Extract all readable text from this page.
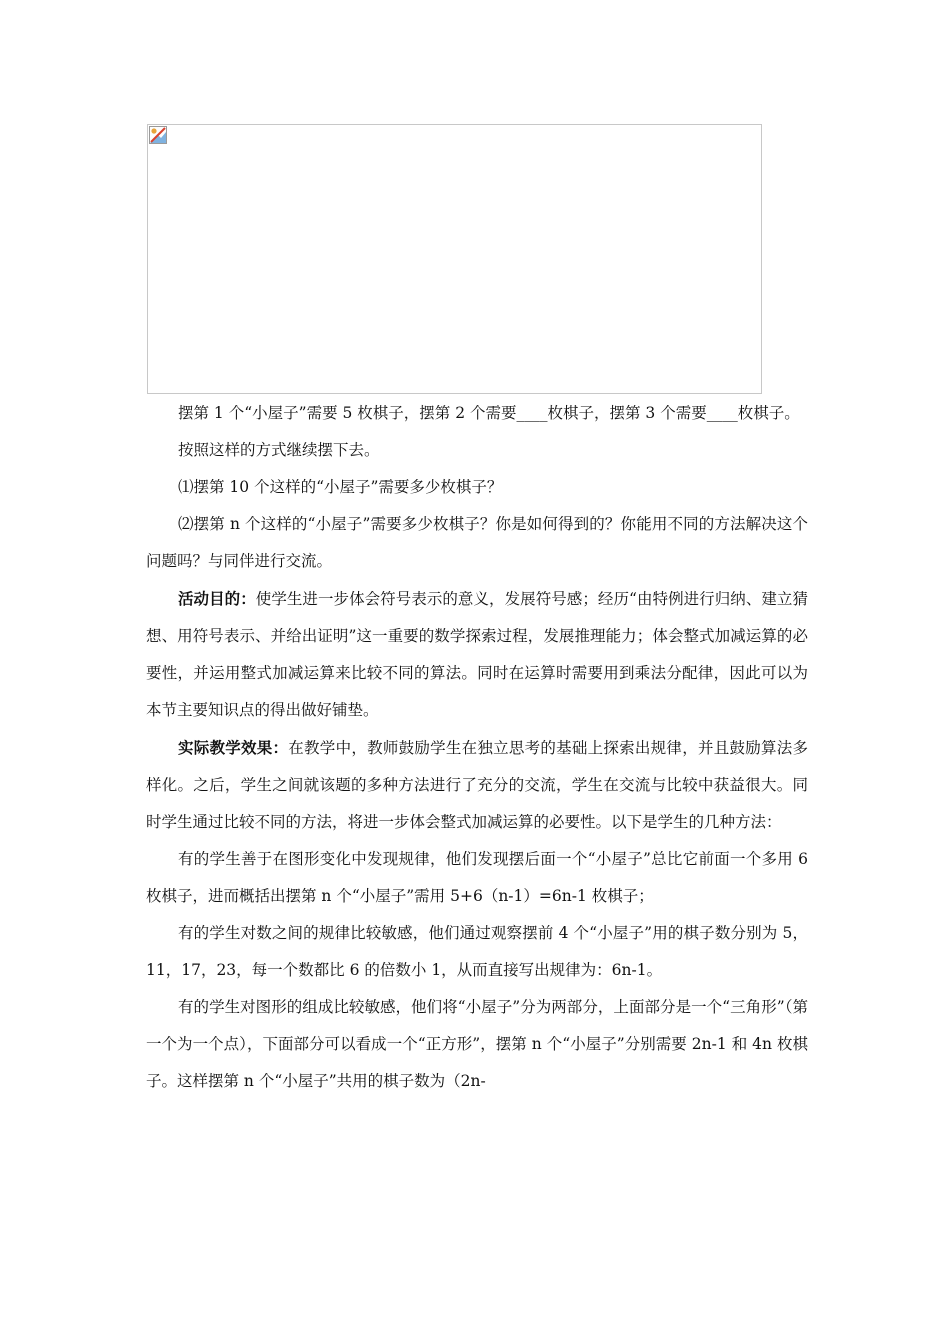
摆第 1 个“小屋子”需要 5 枚棋子，摆第 2 个需要____枚棋子，摆第 3 个需要____枚棋子。

按照这样的方式继续摆下去。

⑴摆第 10 个这样的“小屋子”需要多少枚棋子？

⑵摆第 n 个这样的“小屋子”需要多少枚棋子？你是如何得到的？你能用不同的方法解决这个问题吗？与同伴进行交流。

活动目的：使学生进一步体会符号表示的意义，发展符号感；经历“由特例进行归纳、建立猜想、用符号表示、并给出证明”这一重要的数学探索过程，发展推理能力；体会整式加减运算的必要性，并运用整式加减运算来比较不同的算法。同时在运算时需要用到乘法分配律，因此可以为本节主要知识点的得出做好铺垫。

实际教学效果：在教学中，教师鼓励学生在独立思考的基础上探索出规律，并且鼓励算法多样化。之后，学生之间就该题的多种方法进行了充分的交流，学生在交流与比较中获益很大。同时学生通过比较不同的方法，将进一步体会整式加减运算的必要性。以下是学生的几种方法：

有的学生善于在图形变化中发现规律，他们发现摆后面一个“小屋子”总比它前面一个多用 6 枚棋子，进而概括出摆第 n 个“小屋子”需用 5+6（n-1）=6n-1 枚棋子；

有的学生对数之间的规律比较敏感，他们通过观察摆前 4 个“小屋子”用的棋子数分别为 5，11，17，23，每一个数都比 6 的倍数小 1，从而直接写出规律为：6n-1。

有的学生对图形的组成比较敏感，他们将“小屋子”分为两部分，上面部分是一个“三角形”（第一个为一个点），下面部分可以看成一个“正方形”，摆第 n 个“小屋子”分别需要 2n-1 和 4n 枚棋子。这样摆第 n 个“小屋子”共用的棋子数为（2n-
